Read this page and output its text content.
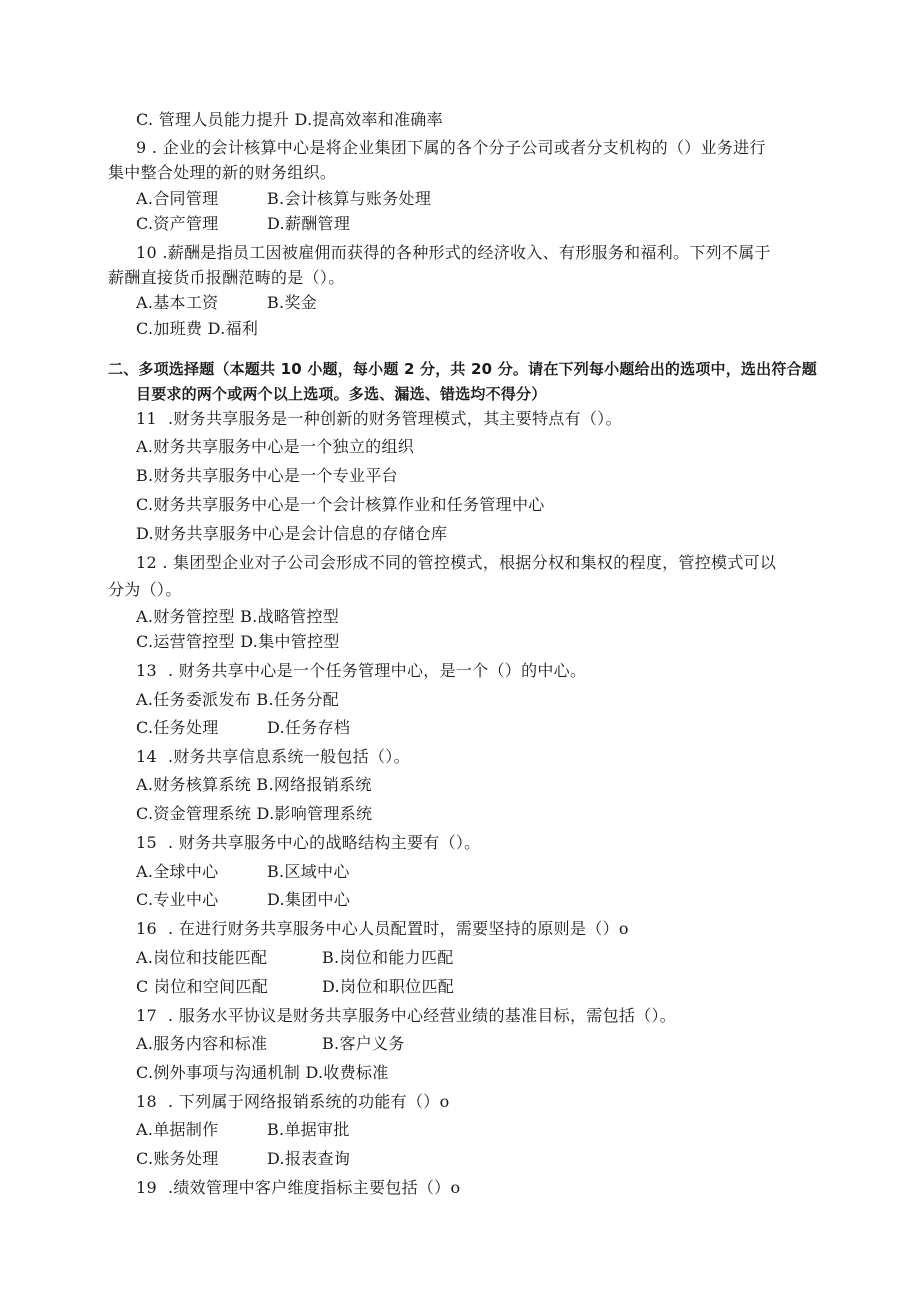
C. 管理人员能力提升 D.提高效率和准确率
9 . 企业的会计核算中心是将企业集团下属的各个分子公司或者分支机构的（）业务进行
集中整合处理的新的财务组织。
A.合同管理	B.会计核算与账务处理
C.资产管理	D.薪酬管理
10 .薪酬是指员工因被雇佣而获得的各种形式的经济收入、有形服务和福利。下列不属于
薪酬直接货币报酬范畴的是（）。
A.基本工资	B.奖金
C.加班费 D.福利
二、多项选择题（本题共 10 小题，每小题 2 分，共 20 分。请在下列每小题给出的选项中，选出符合题
目要求的两个或两个以上选项。多选、漏选、错选均不得分）
11 .财务共享服务是一种创新的财务管理模式，其主要特点有（）。
A.财务共享服务中心是一个独立的组织
B.财务共享服务中心是一个专业平台
C.财务共享服务中心是一个会计核算作业和任务管理中心
D.财务共享服务中心是会计信息的存储仓库
12 . 集团型企业对子公司会形成不同的管控模式，根据分权和集权的程度，管控模式可以
分为（）。
A.财务管控型 B.战略管控型
C.运营管控型 D.集中管控型
13 . 财务共享中心是一个任务管理中心，是一个（）的中心。
A.任务委派发布 B.任务分配
C.任务处理	D.任务存档
14 .财务共享信息系统一般包括（）。
A.财务核算系统 B.网络报销系统
C.资金管理系统 D.影响管理系统
15 . 财务共享服务中心的战略结构主要有（）。
A.全球中心	B.区域中心
C.专业中心	D.集团中心
16 . 在进行财务共享服务中心人员配置时，需要坚持的原则是（）o
A.岗位和技能匹配	B.岗位和能力匹配
C 岗位和空间匹配	D.岗位和职位匹配
17 . 服务水平协议是财务共享服务中心经营业绩的基准目标，需包括（）。
A.服务内容和标准	B.客户义务
C.例外事项与沟通机制 D.收费标准
18 . 下列属于网络报销系统的功能有（）o
A.单据制作	B.单据审批
C.账务处理	D.报表查询
19 .绩效管理中客户维度指标主要包括（）o
